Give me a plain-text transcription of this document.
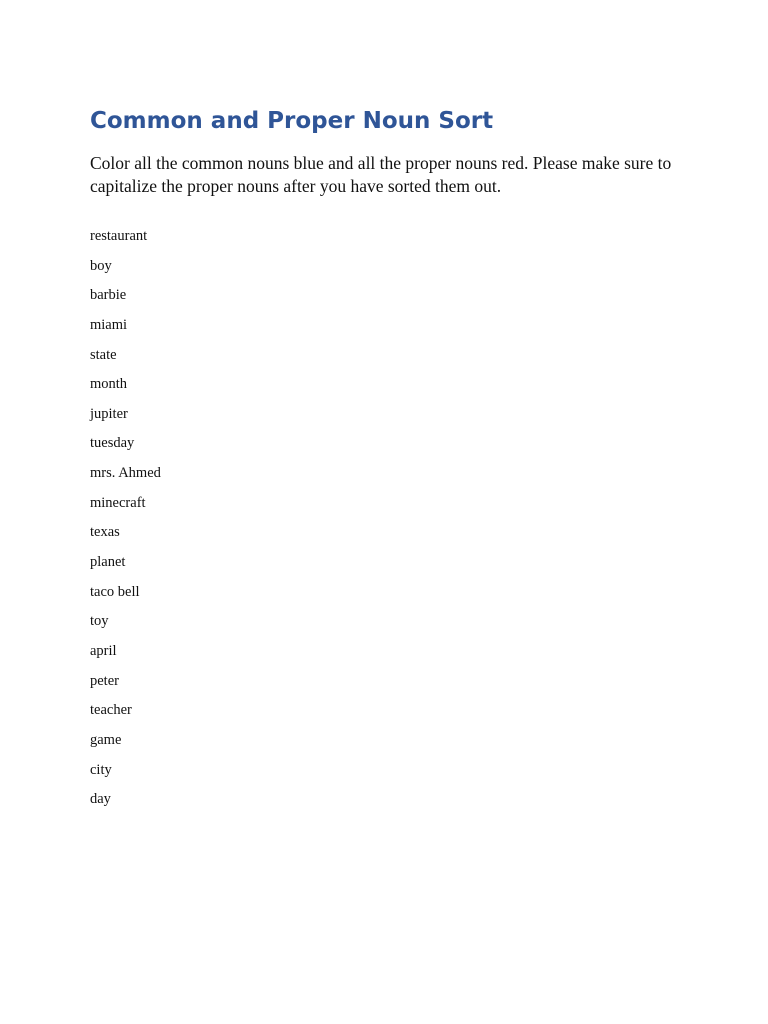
Common and Proper Noun Sort

Color all the common nouns blue and all the proper nouns red. Please make sure to capitalize the proper nouns after you have sorted them out.

restaurant
boy
barbie
miami
state
month
jupiter
tuesday
mrs. Ahmed
minecraft
texas
planet
taco bell
toy
april
peter
teacher
game
city
day
